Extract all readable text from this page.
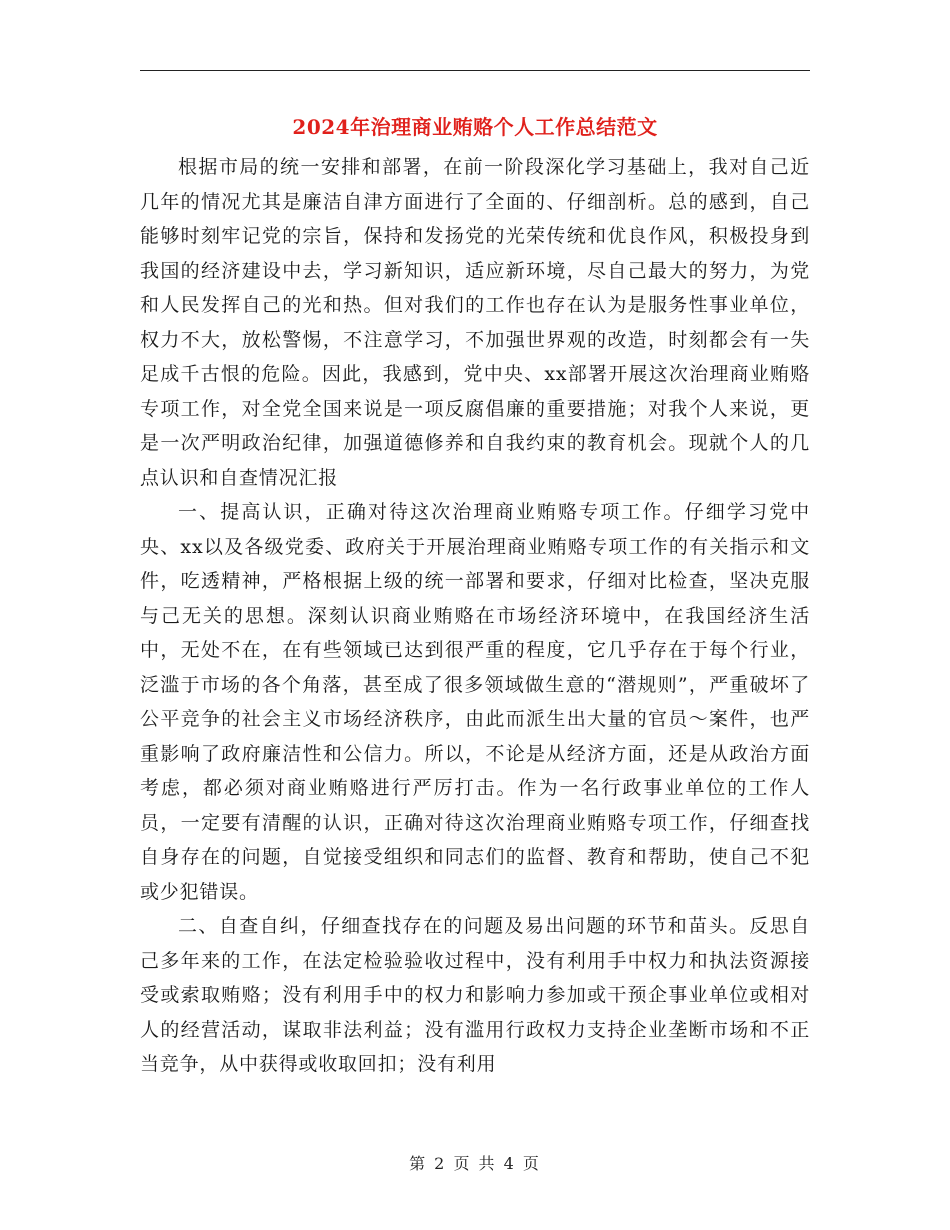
2024年治理商业贿赂个人工作总结范文

根据市局的统一安排和部署，在前一阶段深化学习基础上，我对自己近几年的情况尤其是廉洁自津方面进行了全面的、仔细剖析。总的感到，自己能够时刻牢记党的宗旨，保持和发扬党的光荣传统和优良作风，积极投身到我国的经济建设中去，学习新知识，适应新环境，尽自己最大的努力，为党和人民发挥自己的光和热。但对我们的工作也存在认为是服务性事业单位，权力不大，放松警惕，不注意学习，不加强世界观的改造，时刻都会有一失足成千古恨的危险。因此，我感到，党中央、xx部署开展这次治理商业贿赂专项工作，对全党全国来说是一项反腐倡廉的重要措施；对我个人来说，更是一次严明政治纪律，加强道德修养和自我约束的教育机会。现就个人的几点认识和自查情况汇报

一、提高认识，正确对待这次治理商业贿赂专项工作。仔细学习党中央、xx以及各级党委、政府关于开展治理商业贿赂专项工作的有关指示和文件，吃透精神，严格根据上级的统一部署和要求，仔细对比检查，坚决克服与己无关的思想。深刻认识商业贿赂在市场经济环境中，在我国经济生活中，无处不在，在有些领域已达到很严重的程度，它几乎存在于每个行业，泛滥于市场的各个角落，甚至成了很多领域做生意的“潜规则”，严重破坏了公平竞争的社会主义市场经济秩序，由此而派生出大量的官员～案件，也严重影响了政府廉洁性和公信力。所以，不论是从经济方面，还是从政治方面考虑，都必须对商业贿赂进行严厉打击。作为一名行政事业单位的工作人员，一定要有清醒的认识，正确对待这次治理商业贿赂专项工作，仔细查找自身存在的问题，自觉接受组织和同志们的监督、教育和帮助，使自己不犯或少犯错误。

二、自查自纠，仔细查找存在的问题及易出问题的环节和苗头。反思自己多年来的工作，在法定检验验收过程中，没有利用手中权力和执法资源接受或索取贿赂；没有利用手中的权力和影响力参加或干预企事业单位或相对人的经营活动，谋取非法利益；没有滥用行政权力支持企业垄断市场和不正当竞争，从中获得或收取回扣；没有利用

第 2 页 共 4 页
